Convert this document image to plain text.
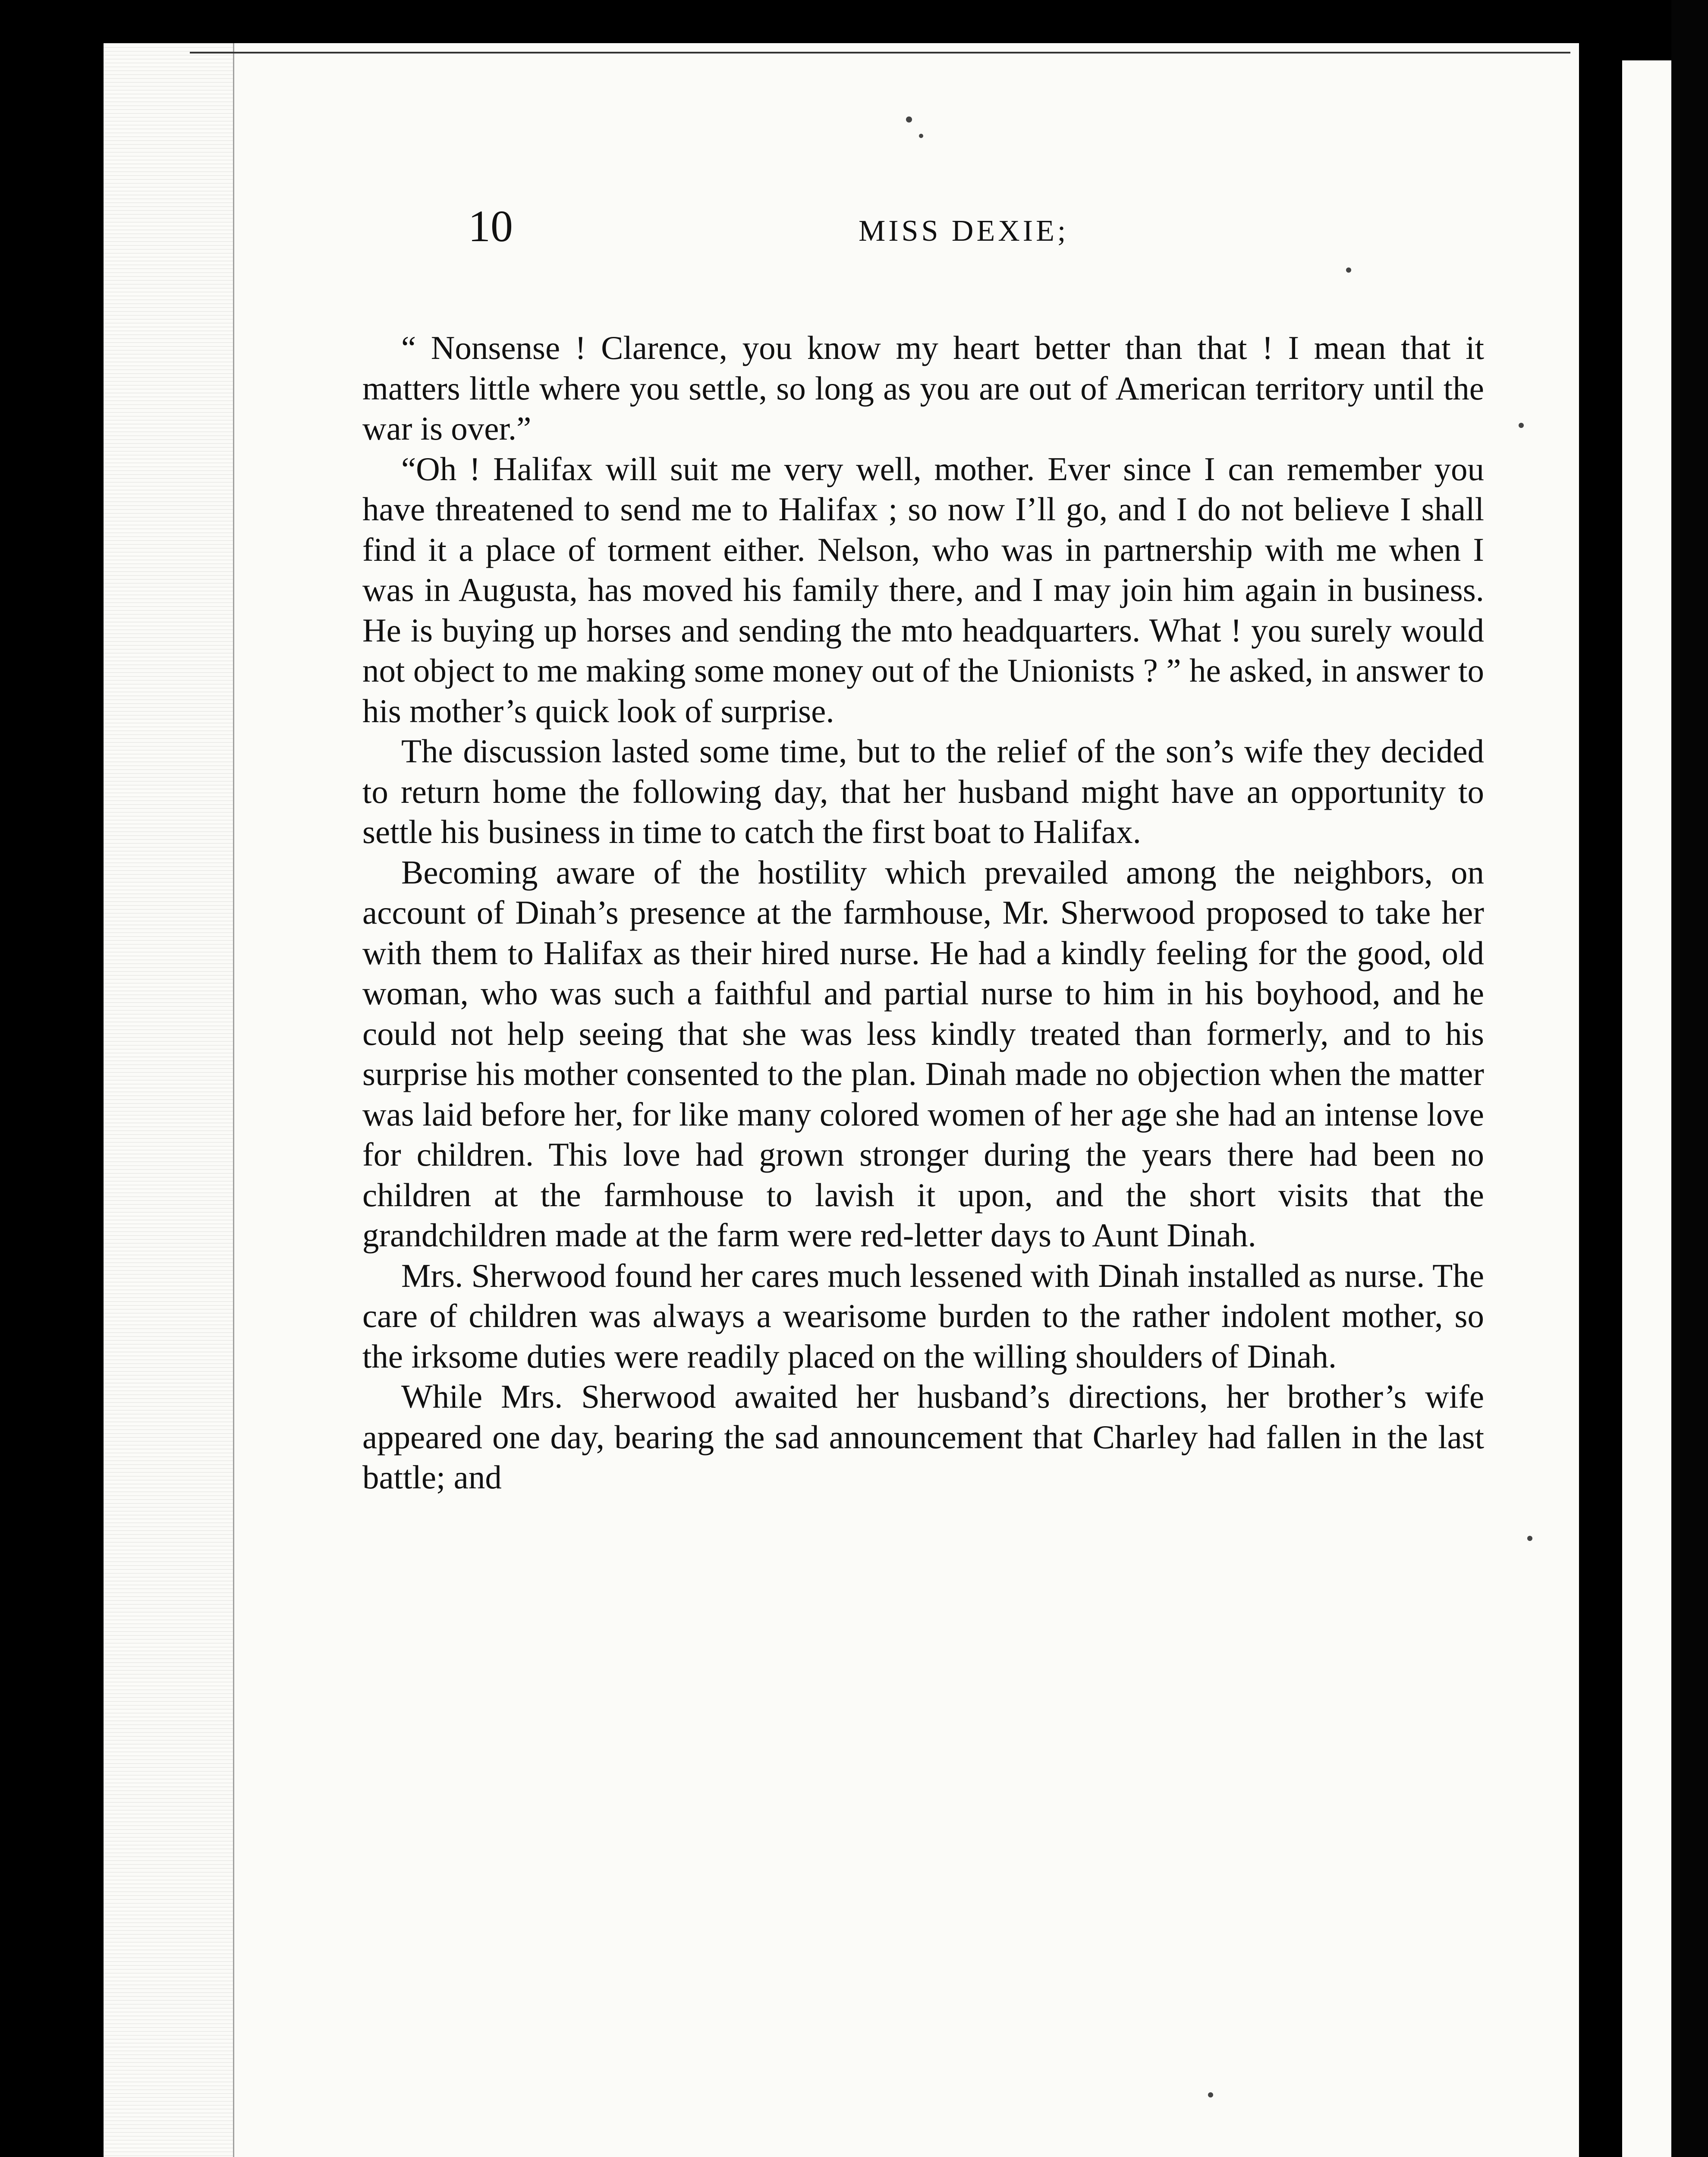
10	MISS DEXIE;

“ Nonsense ! Clarence, you know my heart better than that ! I mean that it matters little where you settle, so long as you are out of American territory until the war is over.”

“Oh ! Halifax will suit me very well, mother. Ever since I can remember you have threatened to send me to Halifax ; so now I’ll go, and I do not believe I shall find it a place of torment either. Nelson, who was in partnership with me when I was in Augusta, has moved his family there, and I may join him again in business. He is buying up horses and sending the mto headquarters. What ! you surely would not object to me making some money out of the Unionists ? ” he asked, in answer to his mother’s quick look of surprise.

The discussion lasted some time, but to the relief of the son’s wife they decided to return home the following day, that her husband might have an opportunity to settle his business in time to catch the first boat to Halifax.

Becoming aware of the hostility which prevailed among the neighbors, on account of Dinah’s presence at the farmhouse, Mr. Sherwood proposed to take her with them to Halifax as their hired nurse. He had a kindly feeling for the good, old woman, who was such a faithful and partial nurse to him in his boyhood, and he could not help seeing that she was less kindly treated than formerly, and to his surprise his mother consented to the plan. Dinah made no objection when the matter was laid before her, for like many colored women of her age she had an intense love for children. This love had grown stronger during the years there had been no children at the farmhouse to lavish it upon, and the short visits that the grandchildren made at the farm were red-letter days to Aunt Dinah.

Mrs. Sherwood found her cares much lessened with Dinah installed as nurse. The care of children was always a wearisome burden to the rather indolent mother, so the irksome duties were readily placed on the willing shoulders of Dinah.

While Mrs. Sherwood awaited her husband’s directions, her brother’s wife appeared one day, bearing the sad announcement that Charley had fallen in the last battle; and
